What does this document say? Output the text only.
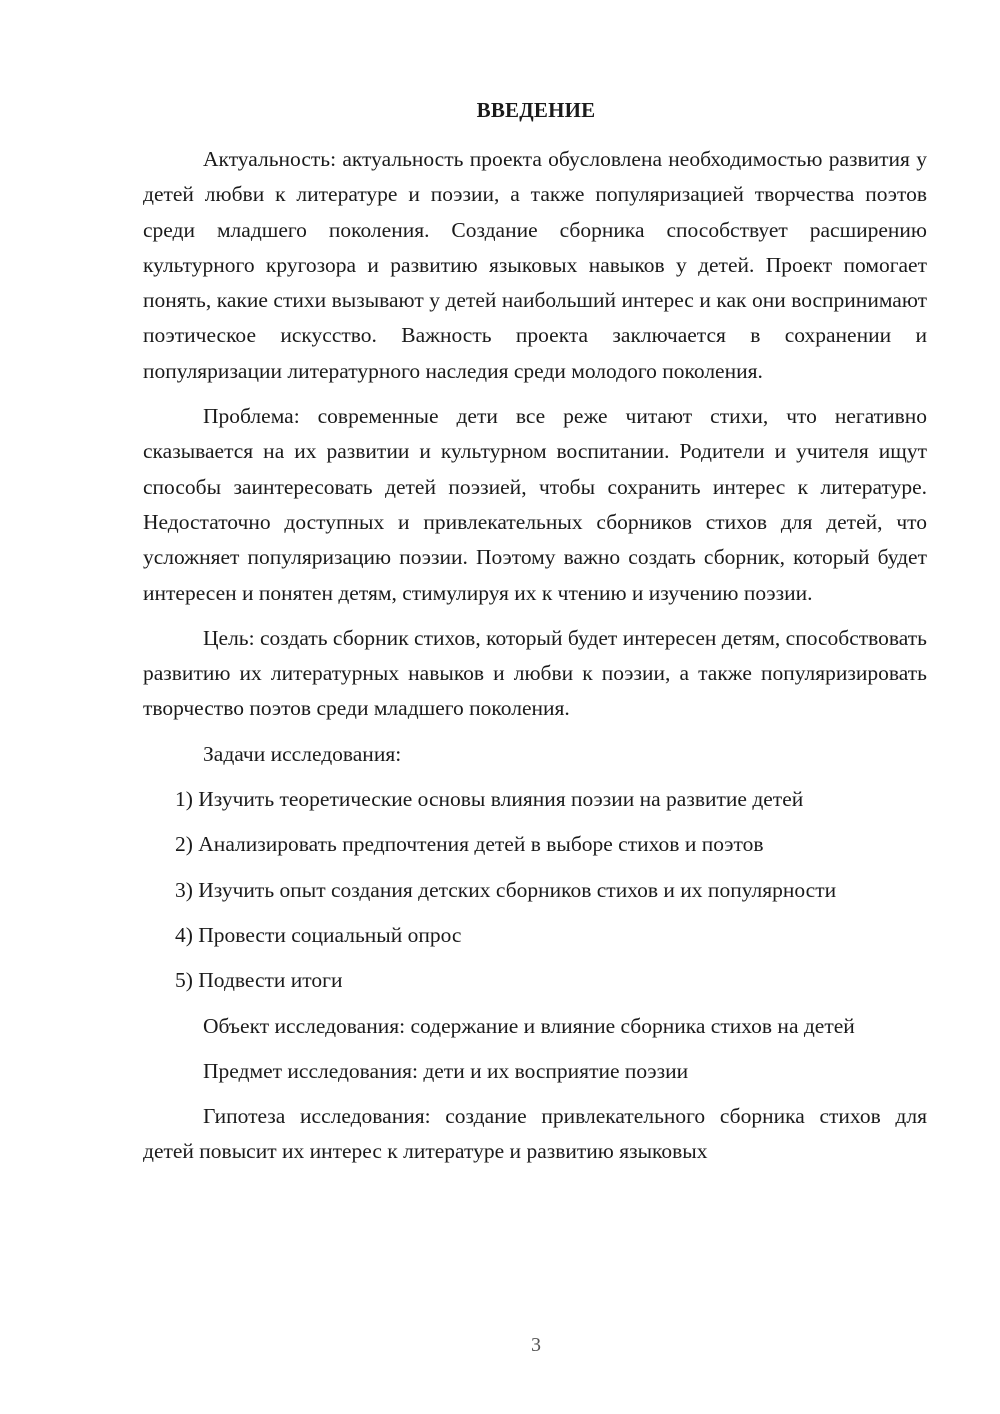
ВВЕДЕНИЕ

Актуальность: актуальность проекта обусловлена необходимостью развития у детей любви к литературе и поэзии, а также популяризацией творчества поэтов среди младшего поколения. Создание сборника способствует расширению культурного кругозора и развитию языковых навыков у детей. Проект помогает понять, какие стихи вызывают у детей наибольший интерес и как они воспринимают поэтическое искусство. Важность проекта заключается в сохранении и популяризации литературного наследия среди молодого поколения.

Проблема: современные дети все реже читают стихи, что негативно сказывается на их развитии и культурном воспитании. Родители и учителя ищут способы заинтересовать детей поэзией, чтобы сохранить интерес к литературе. Недостаточно доступных и привлекательных сборников стихов для детей, что усложняет популяризацию поэзии. Поэтому важно создать сборник, который будет интересен и понятен детям, стимулируя их к чтению и изучению поэзии.

Цель: создать сборник стихов, который будет интересен детям, способствовать развитию их литературных навыков и любви к поэзии, а также популяризировать творчество поэтов среди младшего поколения.

Задачи исследования:

1) Изучить теоретические основы влияния поэзии на развитие детей

2) Анализировать предпочтения детей в выборе стихов и поэтов

3) Изучить опыт создания детских сборников стихов и их популярности

4) Провести социальный опрос

5) Подвести итоги

Объект исследования: содержание и влияние сборника стихов на детей

Предмет исследования: дети и их восприятие поэзии

Гипотеза исследования: создание привлекательного сборника стихов для детей повысит их интерес к литературе и развитию языковых

3
